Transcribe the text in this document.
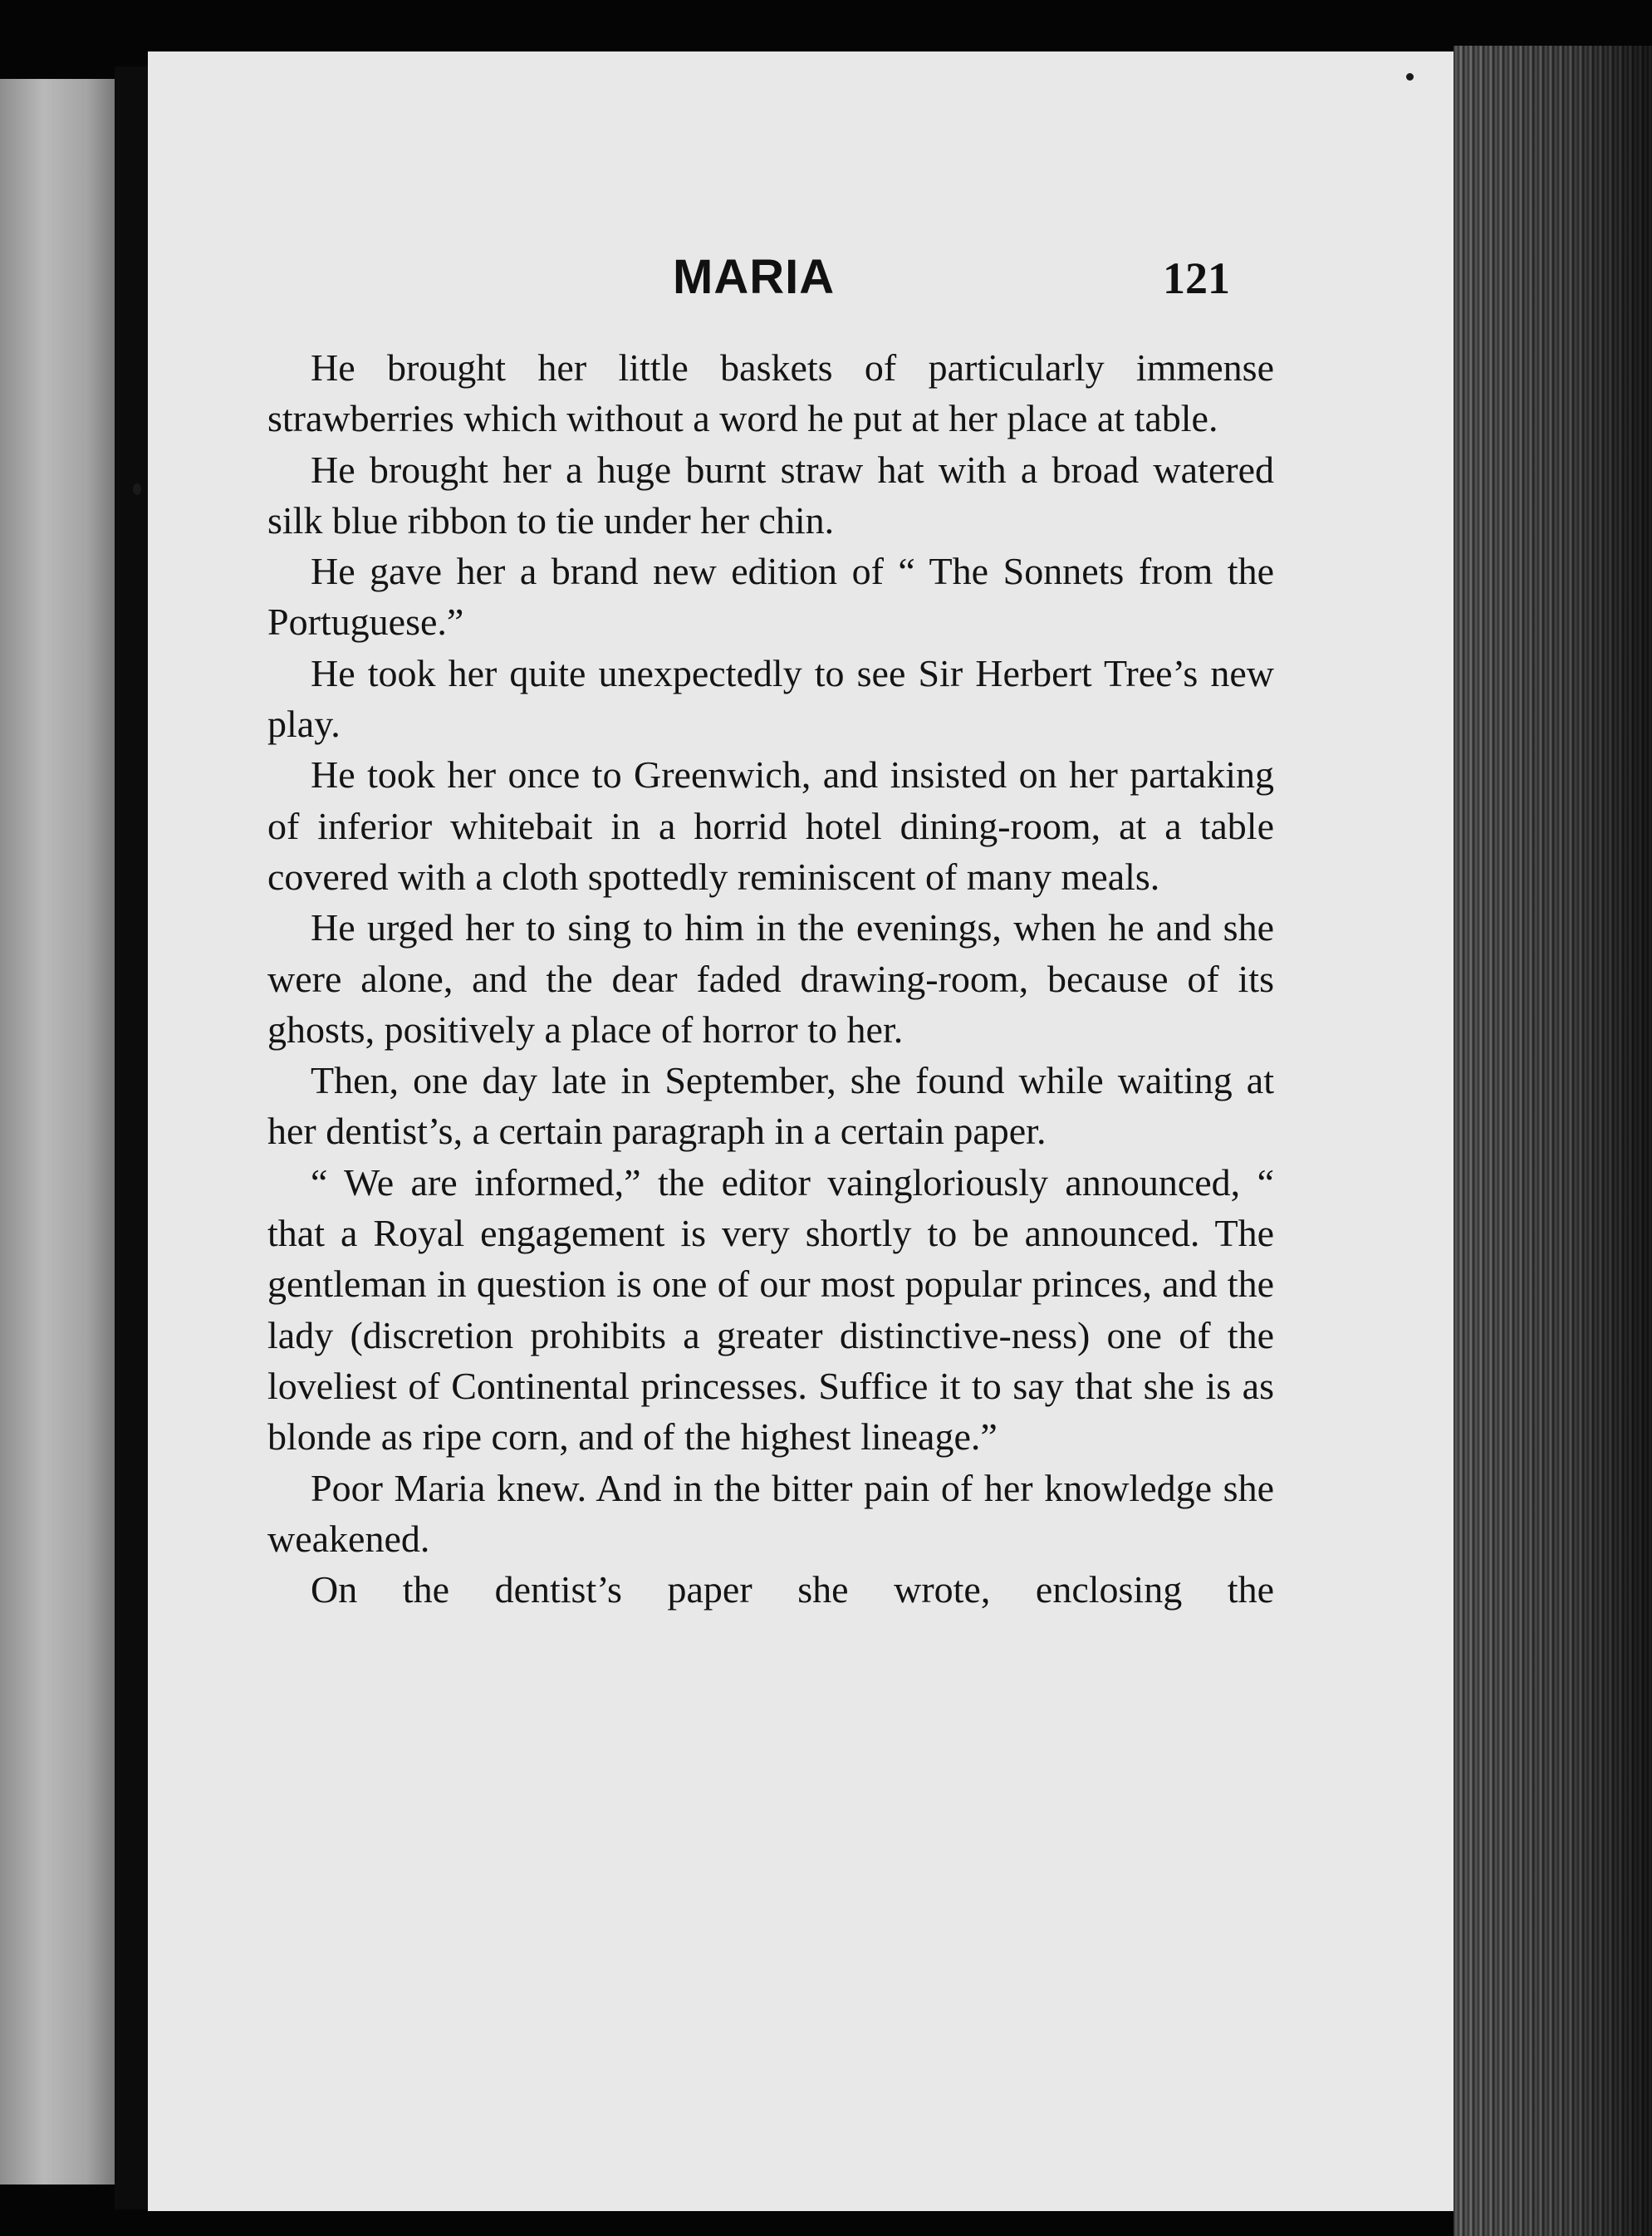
MARIA	121

He brought her little baskets of particularly immense strawberries which without a word he put at her place at table.

He brought her a huge burnt straw hat with a broad watered silk blue ribbon to tie under her chin.

He gave her a brand new edition of “ The Sonnets from the Portuguese.”

He took her quite unexpectedly to see Sir Herbert Tree’s new play.

He took her once to Greenwich, and insisted on her partaking of inferior whitebait in a horrid hotel dining-room, at a table covered with a cloth spottedly reminiscent of many meals.

He urged her to sing to him in the evenings, when he and she were alone, and the dear faded drawing-room, because of its ghosts, positively a place of horror to her.

Then, one day late in September, she found while waiting at her dentist’s, a certain paragraph in a certain paper.

“ We are informed,” the editor vaingloriously announced, “ that a Royal engagement is very shortly to be announced. The gentleman in question is one of our most popular princes, and the lady (discretion prohibits a greater distinctive-ness) one of the loveliest of Continental princesses. Suffice it to say that she is as blonde as ripe corn, and of the highest lineage.”

Poor Maria knew. And in the bitter pain of her knowledge she weakened.

On the dentist’s paper she wrote, enclosing the
